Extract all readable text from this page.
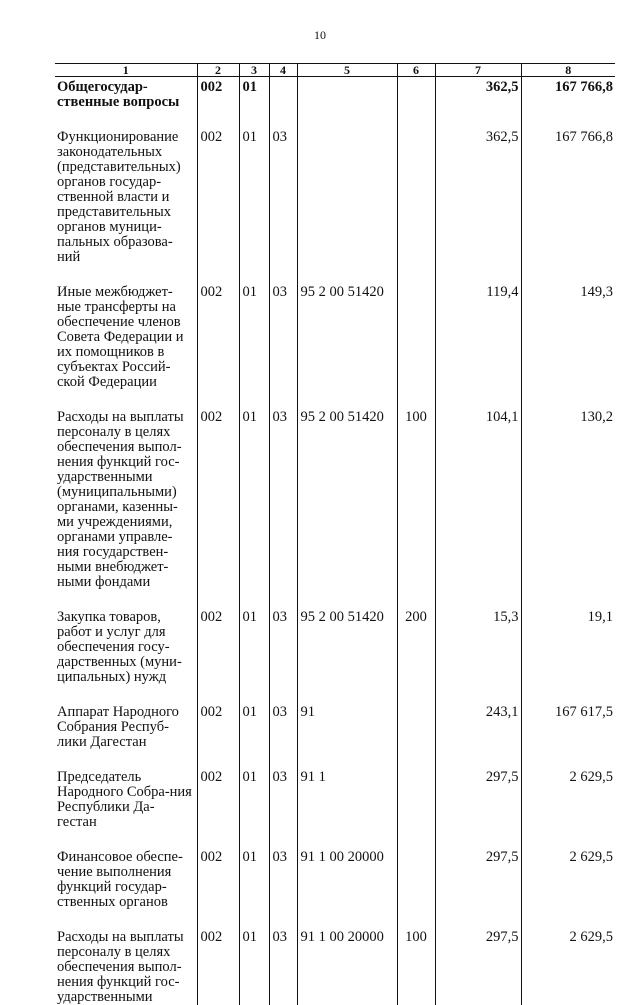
10
1	2	3	4	5	6	7	8
Общегосудар-ственные вопросы	002	01				362,5	167 766,8

Функционирование законодательных (представительных) органов государ-ственной власти и представительных органов муници-пальных образова-ний	002	01	03			362,5	167 766,8

Иные межбюджет-ные трансферты на обеспечение членов Совета Федерации и их помощников в субъектах Россий-ской Федерации	002	01	03	95 2 00 51420		119,4	149,3

Расходы на выплаты персоналу в целях обеспечения выпол-нения функций гос-ударственными (муниципальными) органами, казенны-ми учреждениями, органами управле-ния государствен-ными внебюджет-ными фондами	002	01	03	95 2 00 51420	100	104,1	130,2

Закупка товаров, работ и услуг для обеспечения госу-дарственных (муни-ципальных) нужд	002	01	03	95 2 00 51420	200	15,3	19,1

Аппарат Народного Собрания Респуб-лики Дагестан	002	01	03	91		243,1	167 617,5

Председатель Народного Собра-ния Республики Да-гестан	002	01	03	91 1		297,5	2 629,5

Финансовое обеспе-чение выполнения функций государ-ственных органов	002	01	03	91 1 00 20000		297,5	2 629,5

Расходы на выплаты персоналу в целях обеспечения выпол-нения функций гос-ударственными	002	01	03	91 1 00 20000	100	297,5	2 629,5
